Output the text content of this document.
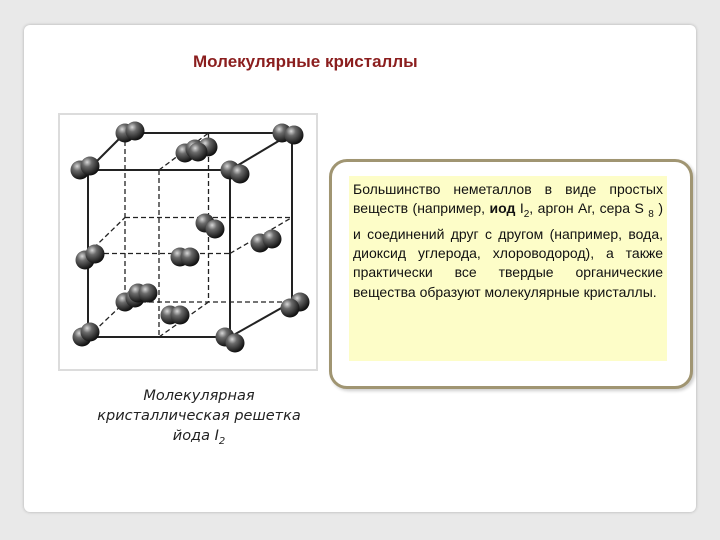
Молекулярные кристаллы
Молекулярная
кристаллическая решетка
йода $I_2$
Большинство неметаллов в виде простых веществ (например, иод $I_2$, аргон Ar, сера S $_8$ ) и соединений друг с другом (например, вода, диоксид углерода, хлороводород), а также практически все твердые органические вещества образуют молекулярные кристаллы.
